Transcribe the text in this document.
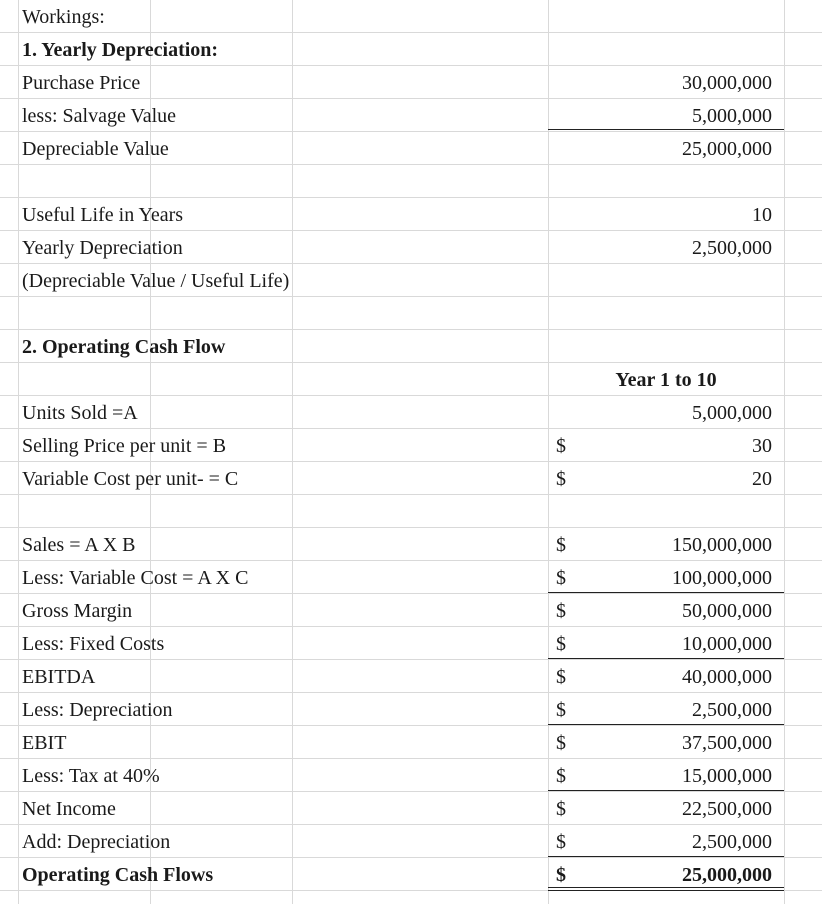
Workings:
1. Yearly Depreciation:
Purchase Price	30,000,000
less: Salvage Value	5,000,000
Depreciable Value	25,000,000
Useful Life in Years	10
Yearly Depreciation	2,500,000
(Depreciable Value / Useful Life)
2. Operating Cash Flow
Year 1 to 10
Units Sold =A	5,000,000
Selling Price per unit = B	$	30
Variable Cost per unit- = C	$	20
Sales = A X B	$	150,000,000
Less: Variable Cost = A X C	$	100,000,000
Gross Margin	$	50,000,000
Less: Fixed Costs	$	10,000,000
EBITDA	$	40,000,000
Less: Depreciation	$	2,500,000
EBIT	$	37,500,000
Less: Tax at 40%	$	15,000,000
Net Income	$	22,500,000
Add: Depreciation	$	2,500,000
Operating Cash Flows	$	25,000,000
